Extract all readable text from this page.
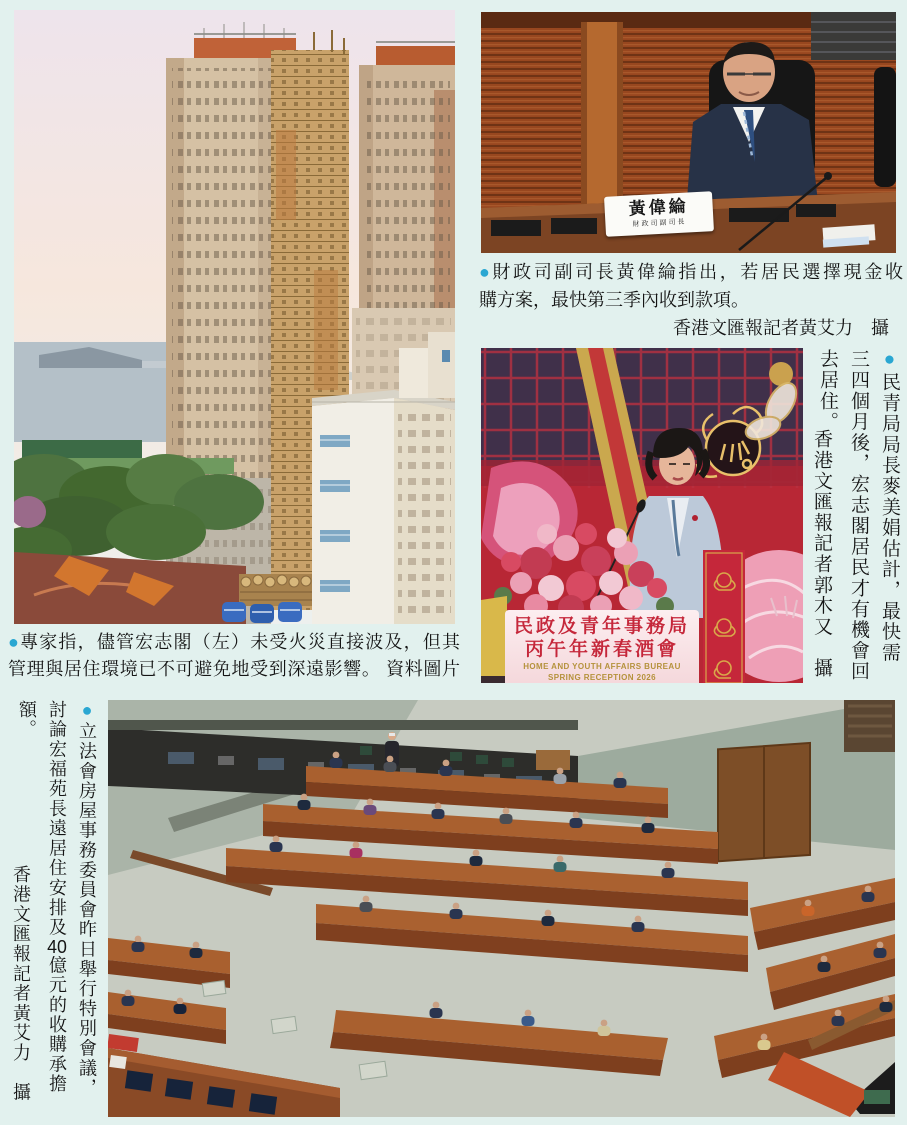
●專家指，儘管宏志閣（左）未受火災直接波及，但其
管理與居住環境已不可避免地受到深遠影響。 資料圖片
黃偉綸
財政司副司長
●財政司副司長黃偉綸指出，若居民選擇現金收
購方案，最快第三季內收到款項。
香港文匯報記者黃艾力　攝
民政及青年事務局
丙午年新春酒會
HOME AND YOUTH AFFAIRS BUREAU
SPRING RECEPTION 2026
●民青局局長麥美娟估計，最快需三四個月後，宏志閣居民才有機會回去居住。
香港文匯報記者郭木又　攝
●立法會房屋事務委員會昨日舉行特別會議，討論宏福苑長遠居住安排及40億元的收購承擔額。
香港文匯報記者黃艾力　攝
